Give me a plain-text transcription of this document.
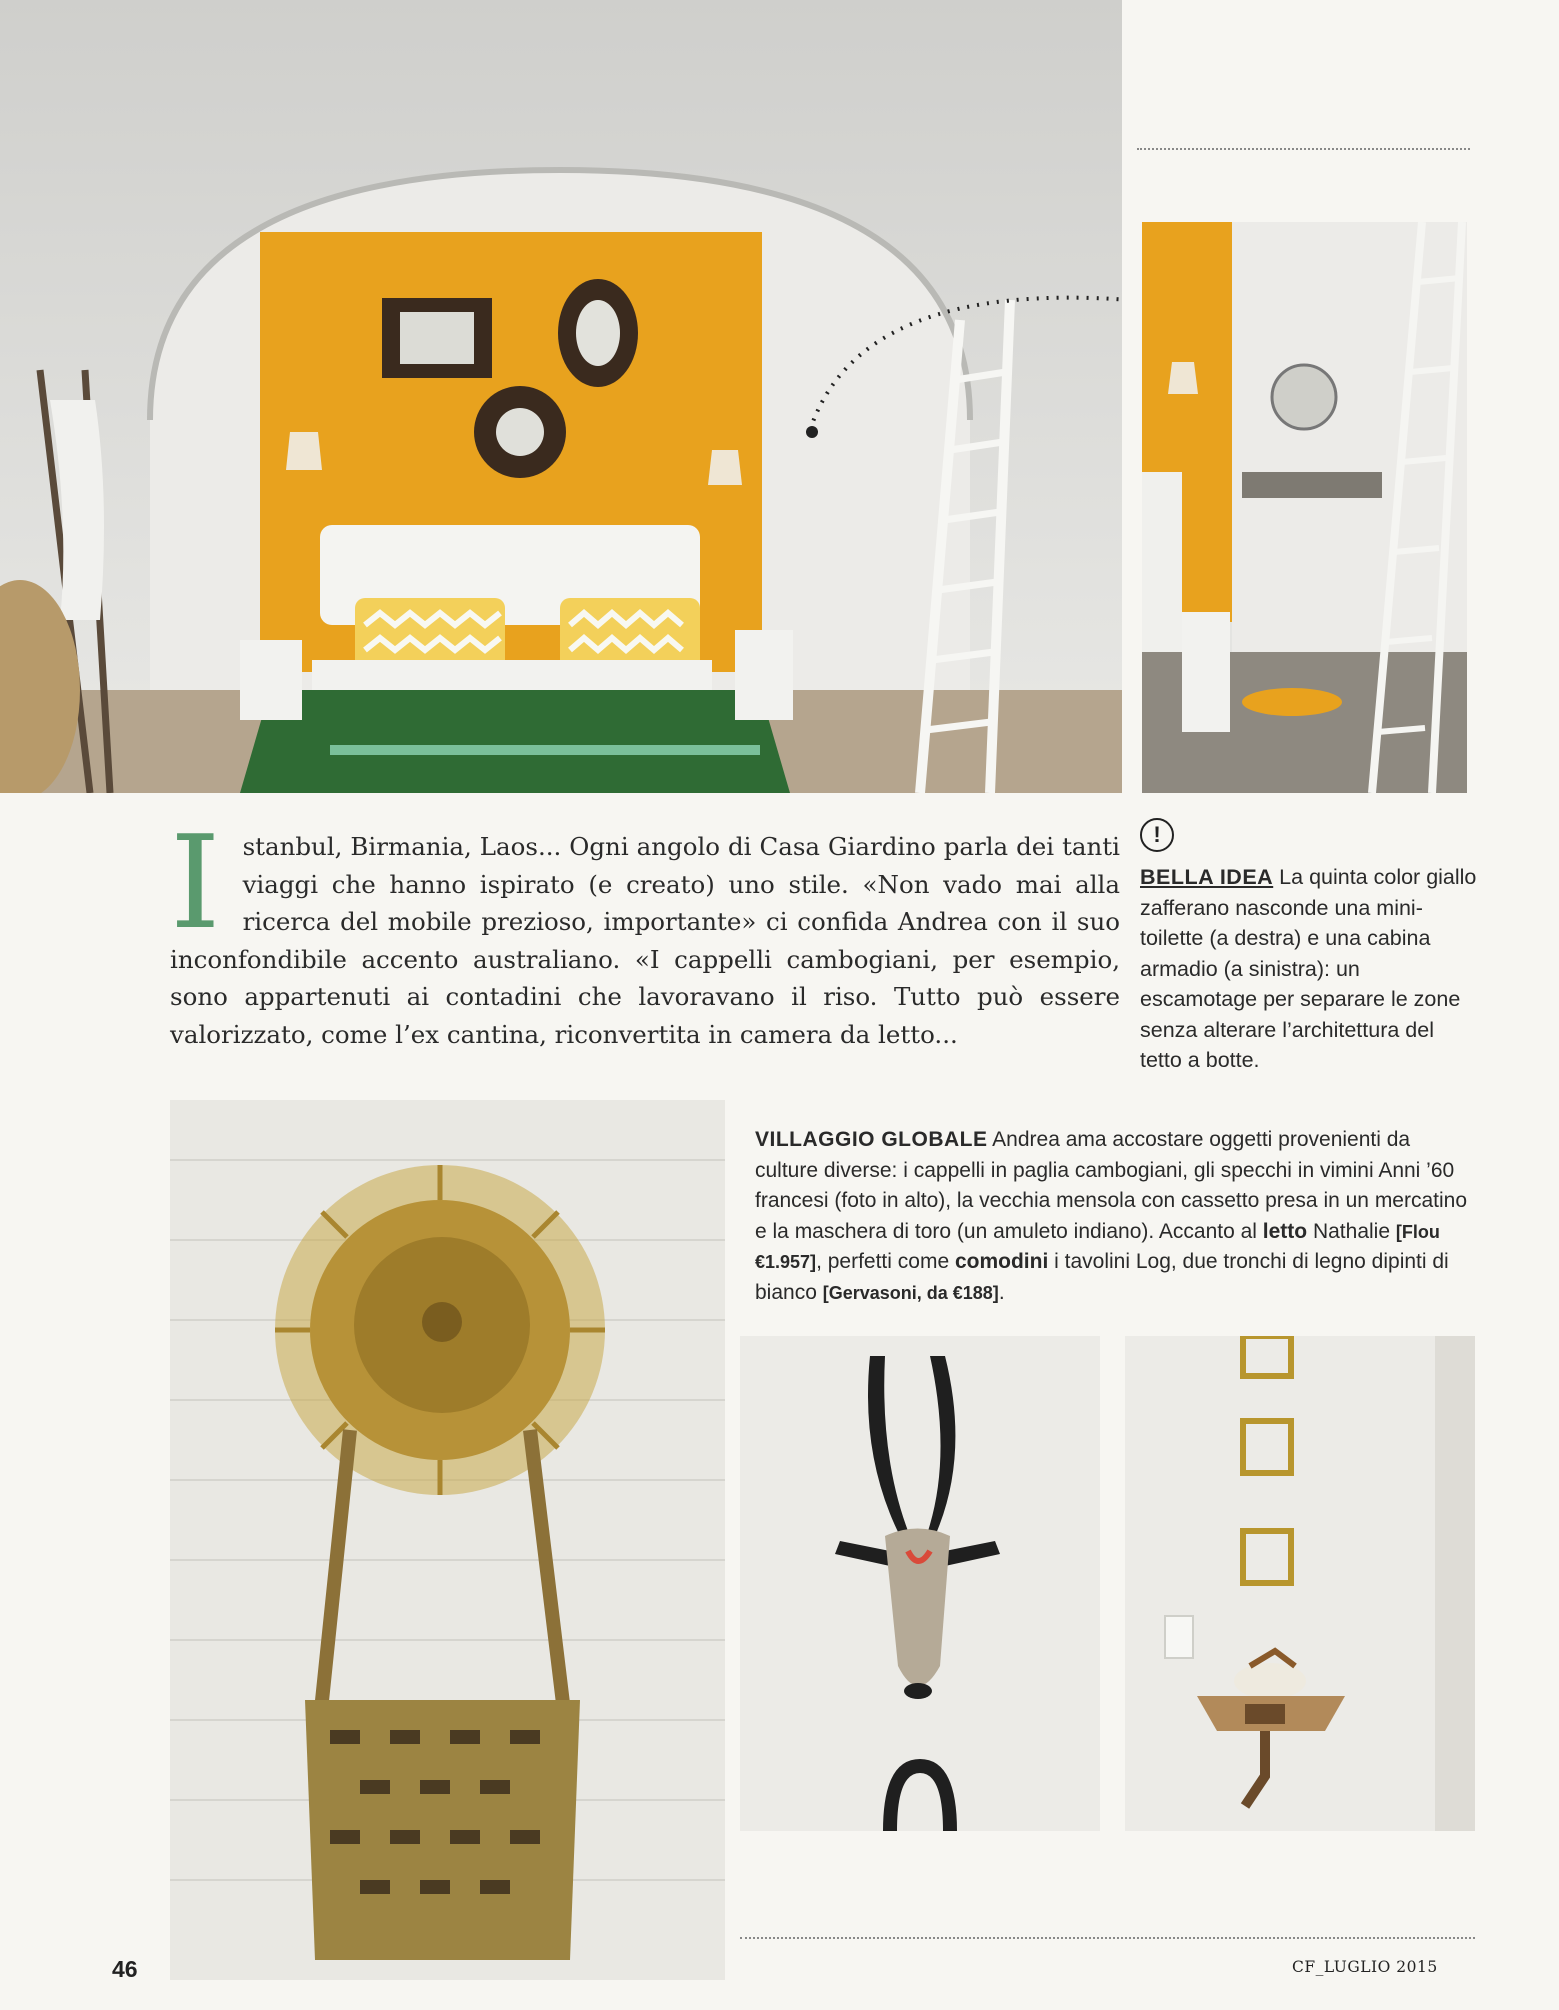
Istanbul, Birmania, Laos... Ogni angolo di Casa Giardino parla dei tanti viaggi che hanno ispirato (e creato) uno stile. «Non vado mai alla ricerca del mobile prezioso, importante» ci confida Andrea con il suo inconfondibile accento australiano. «I cappelli cambogiani, per esempio, sono appartenuti ai contadini che lavoravano il riso. Tutto può essere valorizzato, come l’ex cantina, riconvertita in camera da letto...
!
BELLA IDEA La quinta color giallo zafferano nasconde una mini-toilette (a destra) e una cabina armadio (a sinistra): un escamotage per separare le zone senza alterare l’architettura del tetto a botte.
VILLAGGIO GLOBALE Andrea ama accostare oggetti provenienti da culture diverse: i cappelli in paglia cambogiani, gli specchi in vimini Anni ’60 francesi (foto in alto), la vecchia mensola con cassetto presa in un mercatino e la maschera di toro (un amuleto indiano). Accanto al letto Nathalie [Flou €1.957], perfetti come comodini i tavolini Log, due tronchi di legno dipinti di bianco [Gervasoni, da €188].
46	CF_LUGLIO 2015
